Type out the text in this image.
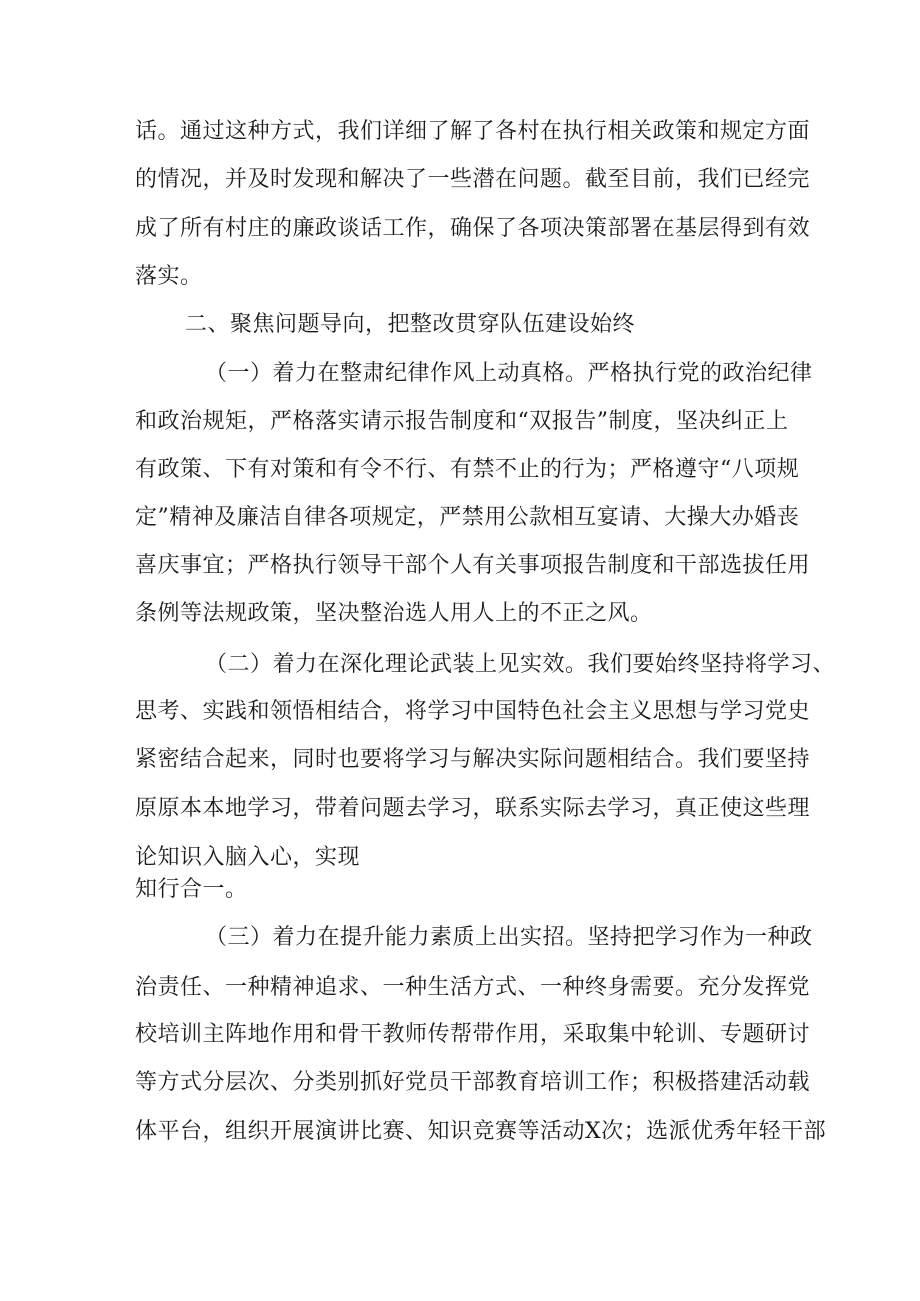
话。通过这种方式，我们详细了解了各村在执行相关政策和规定方面
的情况，并及时发现和解决了一些潜在问题。截至目前，我们已经完
成了所有村庄的廉政谈话工作，确保了各项决策部署在基层得到有效
落实。
二、聚焦问题导向，把整改贯穿队伍建设始终
（一）着力在整肃纪律作风上动真格。严格执行党的政治纪律
和政治规矩，严格落实请示报告制度和“双报告”制度，坚决纠正上
有政策、下有对策和有令不行、有禁不止的行为；严格遵守“八项规
定”精神及廉洁自律各项规定，严禁用公款相互宴请、大操大办婚丧
喜庆事宜；严格执行领导干部个人有关事项报告制度和干部选拔任用
条例等法规政策，坚决整治选人用人上的不正之风。
（二）着力在深化理论武装上见实效。我们要始终坚持将学习、
思考、实践和领悟相结合，将学习中国特色社会主义思想与学习党史
紧密结合起来，同时也要将学习与解决实际问题相结合。我们要坚持
原原本本地学习，带着问题去学习，联系实际去学习，真正使这些理
论知识入脑入心，实现
知行合一。
（三）着力在提升能力素质上出实招。坚持把学习作为一种政
治责任、一种精神追求、一种生活方式、一种终身需要。充分发挥党
校培训主阵地作用和骨干教师传帮带作用，采取集中轮训、专题研讨
等方式分层次、分类别抓好党员干部教育培训工作；积极搭建活动载
体平台，组织开展演讲比赛、知识竞赛等活动X次；选派优秀年轻干部
